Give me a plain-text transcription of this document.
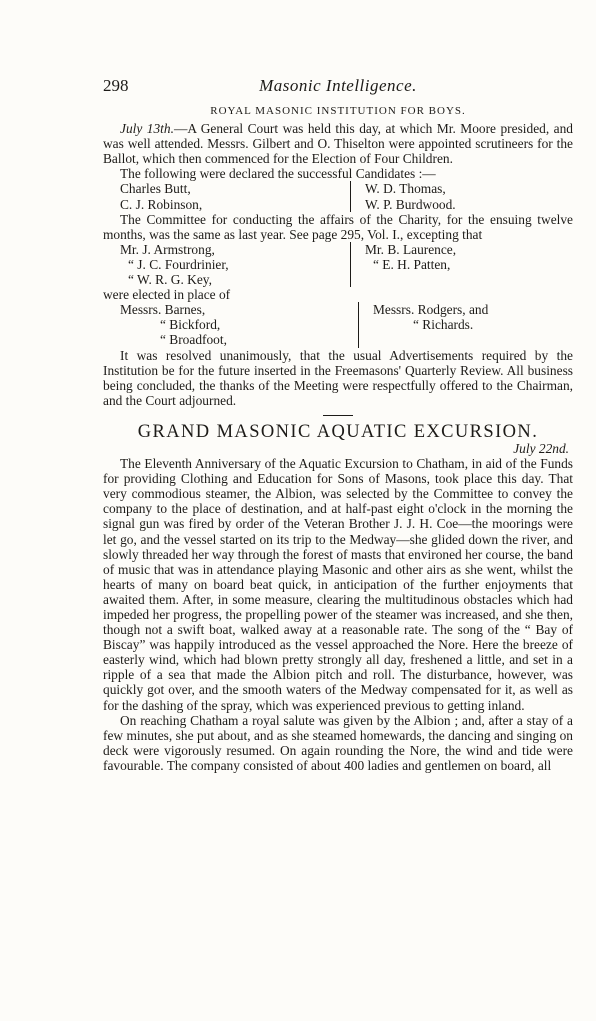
298	Masonic Intelligence.
ROYAL MASONIC INSTITUTION FOR BOYS.

July 13th.—A General Court was held this day, at which Mr. Moore presided, and was well attended. Messrs. Gilbert and O. Thiselton were appointed scrutineers for the Ballot, which then commenced for the Election of Four Children.

The following were declared the successful Candidates :—

Charles Butt,
C. J. Robinson,
W. D. Thomas,
W. P. Burdwood.

The Committee for conducting the affairs of the Charity, for the ensuing twelve months, was the same as last year. See page 295, Vol. I., excepting that

Mr. J. Armstrong,
“ J. C. Fourdrinier,
“ W. R. G. Key,
Mr. B. Laurence,
“ E. H. Patten,

were elected in place of

Messrs. Barnes,
“ Bickford,
“ Broadfoot,
Messrs. Rodgers, and
“ Richards.

It was resolved unanimously, that the usual Advertisements required by the Institution be for the future inserted in the Freemasons' Quarterly Review. All business being concluded, the thanks of the Meeting were respectfully offered to the Chairman, and the Court adjourned.

GRAND MASONIC AQUATIC EXCURSION.
July 22nd.

The Eleventh Anniversary of the Aquatic Excursion to Chatham, in aid of the Funds for providing Clothing and Education for Sons of Masons, took place this day. That very commodious steamer, the Albion, was selected by the Committee to convey the company to the place of destination, and at half-past eight o'clock in the morning the signal gun was fired by order of the Veteran Brother J. J. H. Coe—the moorings were let go, and the vessel started on its trip to the Medway—she glided down the river, and slowly threaded her way through the forest of masts that environed her course, the band of music that was in attendance playing Masonic and other airs as she went, whilst the hearts of many on board beat quick, in anticipation of the further enjoyments that awaited them. After, in some measure, clearing the multitudinous obstacles which had impeded her progress, the propelling power of the steamer was increased, and she then, though not a swift boat, walked away at a reasonable rate. The song of the “ Bay of Biscay” was happily introduced as the vessel approached the Nore. Here the breeze of easterly wind, which had blown pretty strongly all day, freshened a little, and set in a ripple of a sea that made the Albion pitch and roll. The disturbance, however, was quickly got over, and the smooth waters of the Medway compensated for it, as well as for the dashing of the spray, which was experienced previous to getting inland.

On reaching Chatham a royal salute was given by the Albion ; and, after a stay of a few minutes, she put about, and as she steamed homewards, the dancing and singing on deck were vigorously resumed. On again rounding the Nore, the wind and tide were favourable. The company consisted of about 400 ladies and gentlemen on board, all
